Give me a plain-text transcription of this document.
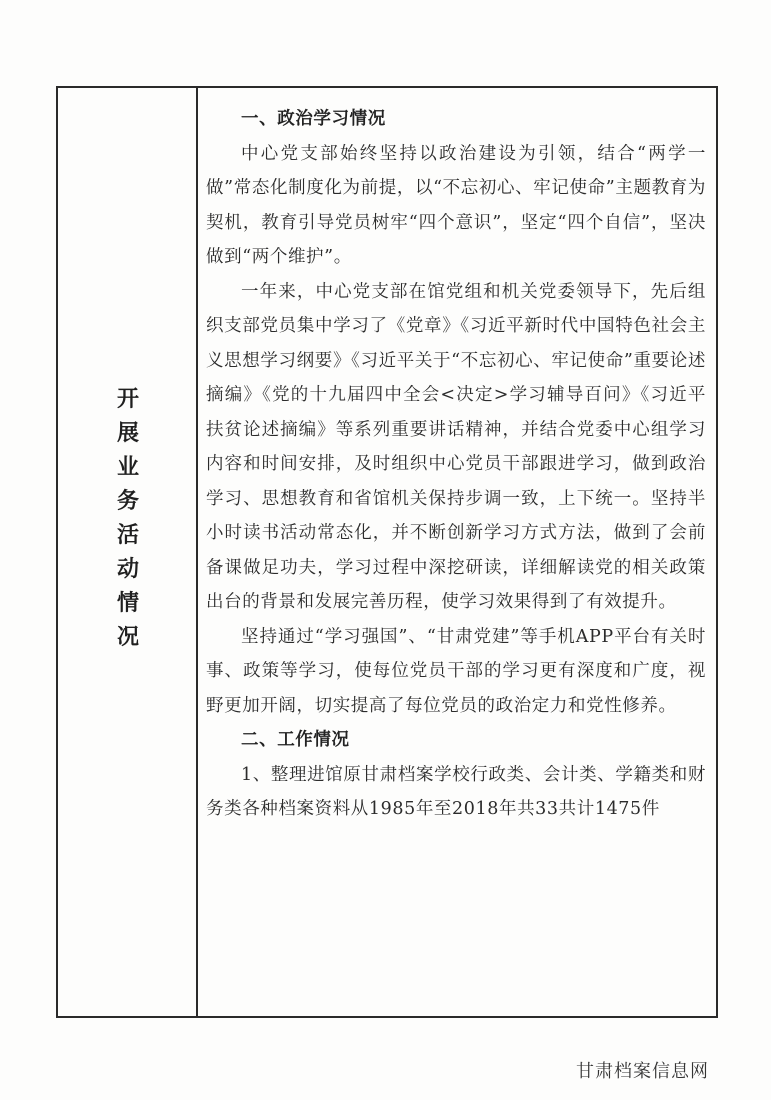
开
展
业
务
活
动
情
况

一、政治学习情况

中心党支部始终坚持以政治建设为引领，结合“两学一做”常态化制度化为前提，以“不忘初心、牢记使命”主题教育为契机，教育引导党员树牢“四个意识”，坚定“四个自信”，坚决做到“两个维护”。

一年来，中心党支部在馆党组和机关党委领导下，先后组织支部党员集中学习了《党章》《习近平新时代中国特色社会主义思想学习纲要》《习近平关于“不忘初心、牢记使命”重要论述摘编》《党的十九届四中全会<决定>学习辅导百问》《习近平扶贫论述摘编》等系列重要讲话精神，并结合党委中心组学习内容和时间安排，及时组织中心党员干部跟进学习，做到政治学习、思想教育和省馆机关保持步调一致，上下统一。坚持半小时读书活动常态化，并不断创新学习方式方法，做到了会前备课做足功夫，学习过程中深挖研读，详细解读党的相关政策出台的背景和发展完善历程，使学习效果得到了有效提升。

坚持通过“学习强国”、“甘肃党建”等手机APP平台有关时事、政策等学习，使每位党员干部的学习更有深度和广度，视野更加开阔，切实提高了每位党员的政治定力和党性修养。

二、工作情况

1、整理进馆原甘肃档案学校行政类、会计类、学籍类和财务类各种档案资料从1985年至2018年共33共计1475件

甘肃档案信息网
